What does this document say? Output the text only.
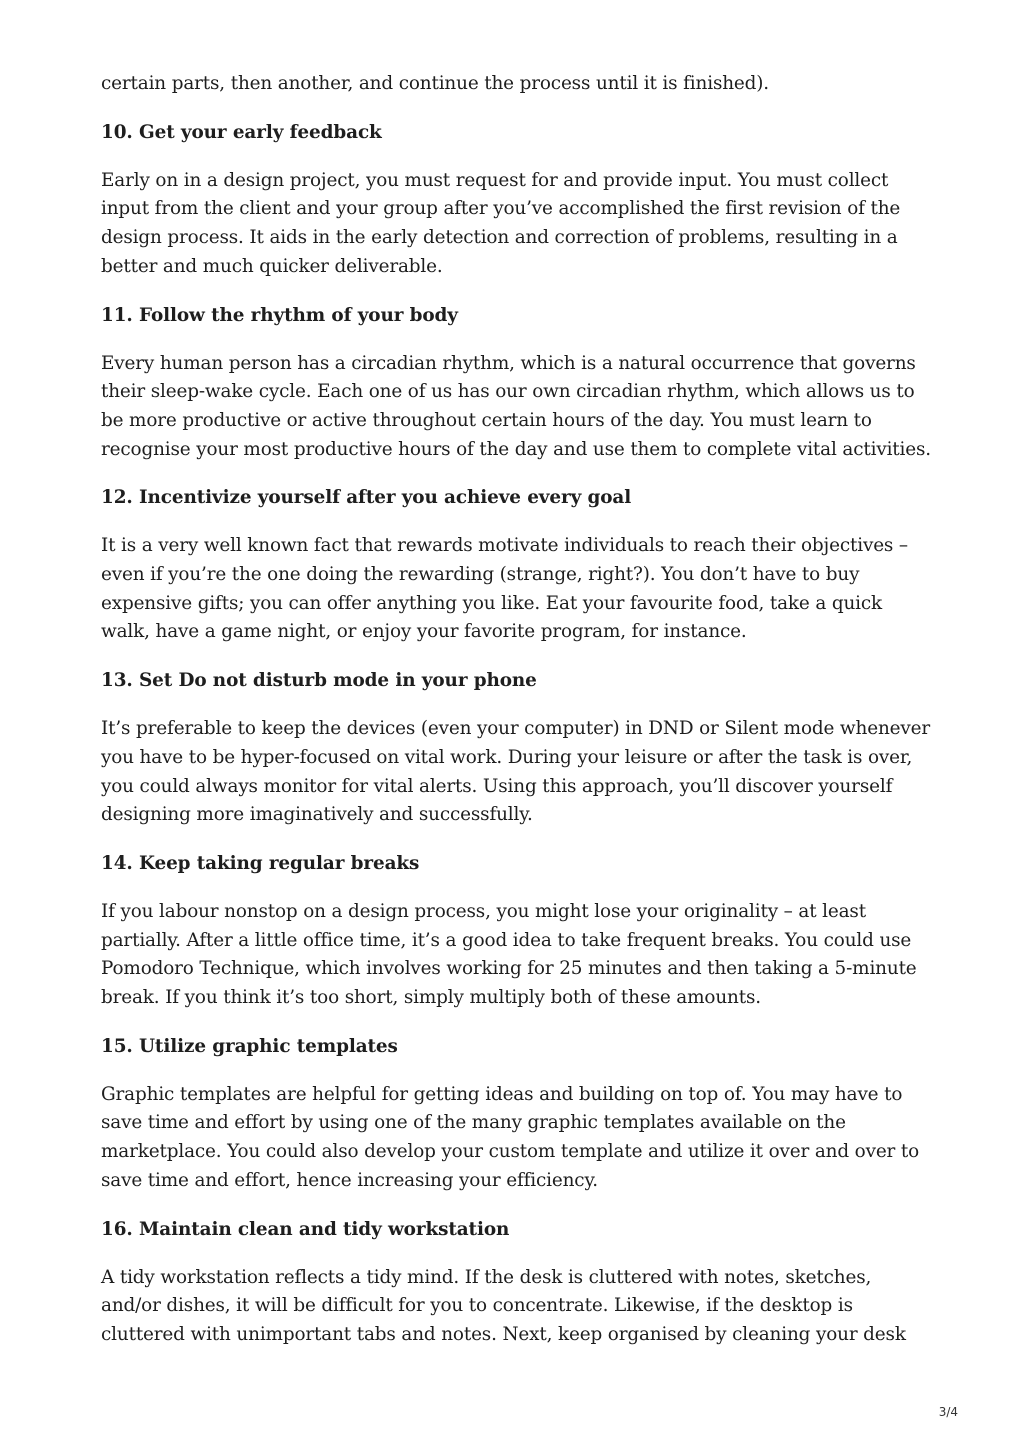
certain parts, then another, and continue the process until it is finished).

10. Get your early feedback

Early on in a design project, you must request for and provide input. You must collect input from the client and your group after you’ve accomplished the first revision of the design process. It aids in the early detection and correction of problems, resulting in a better and much quicker deliverable.

11. Follow the rhythm of your body

Every human person has a circadian rhythm, which is a natural occurrence that governs their sleep-wake cycle. Each one of us has our own circadian rhythm, which allows us to be more productive or active throughout certain hours of the day. You must learn to recognise your most productive hours of the day and use them to complete vital activities.

12. Incentivize yourself after you achieve every goal

It is a very well known fact that rewards motivate individuals to reach their objectives – even if you’re the one doing the rewarding (strange, right?). You don’t have to buy expensive gifts; you can offer anything you like. Eat your favourite food, take a quick walk, have a game night, or enjoy your favorite program, for instance.

13. Set Do not disturb mode in your phone

It’s preferable to keep the devices (even your computer) in DND or Silent mode whenever you have to be hyper-focused on vital work. During your leisure or after the task is over, you could always monitor for vital alerts. Using this approach, you’ll discover yourself designing more imaginatively and successfully.

14. Keep taking regular breaks

If you labour nonstop on a design process, you might lose your originality – at least partially. After a little office time, it’s a good idea to take frequent breaks. You could use Pomodoro Technique, which involves working for 25 minutes and then taking a 5-minute break. If you think it’s too short, simply multiply both of these amounts.

15. Utilize graphic templates

Graphic templates are helpful for getting ideas and building on top of. You may have to save time and effort by using one of the many graphic templates available on the marketplace. You could also develop your custom template and utilize it over and over to save time and effort, hence increasing your efficiency.

16. Maintain clean and tidy workstation

A tidy workstation reflects a tidy mind. If the desk is cluttered with notes, sketches, and/or dishes, it will be difficult for you to concentrate. Likewise, if the desktop is cluttered with unimportant tabs and notes. Next, keep organised by cleaning your desk

3/4
